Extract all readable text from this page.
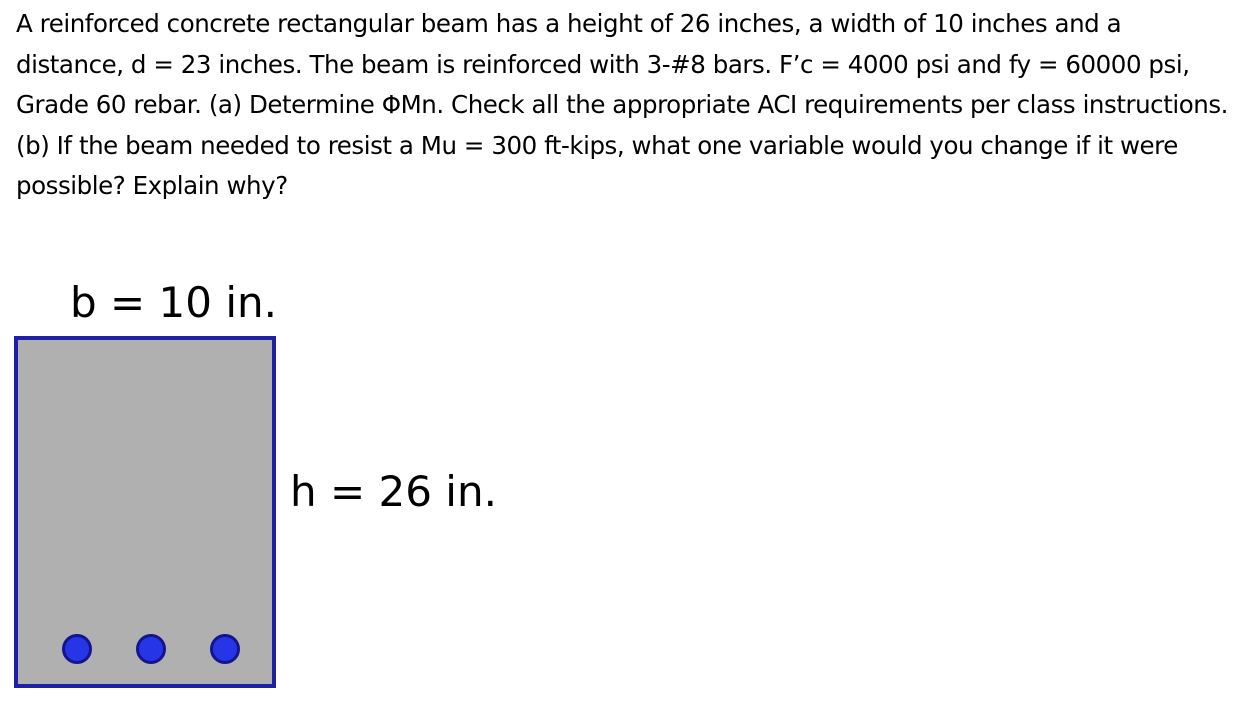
A reinforced concrete rectangular beam has a height of 26 inches, a width of 10 inches and a distance, d = 23 inches. The beam is reinforced with 3-#8 bars. F’c = 4000 psi and fy = 60000 psi, Grade 60 rebar. (a) Determine ΦMn. Check all the appropriate ACI requirements per class instructions. (b) If the beam needed to resist a Mu = 300 ft-kips, what one variable would you change if it were possible? Explain why?

b = 10 in.
h = 26 in.
